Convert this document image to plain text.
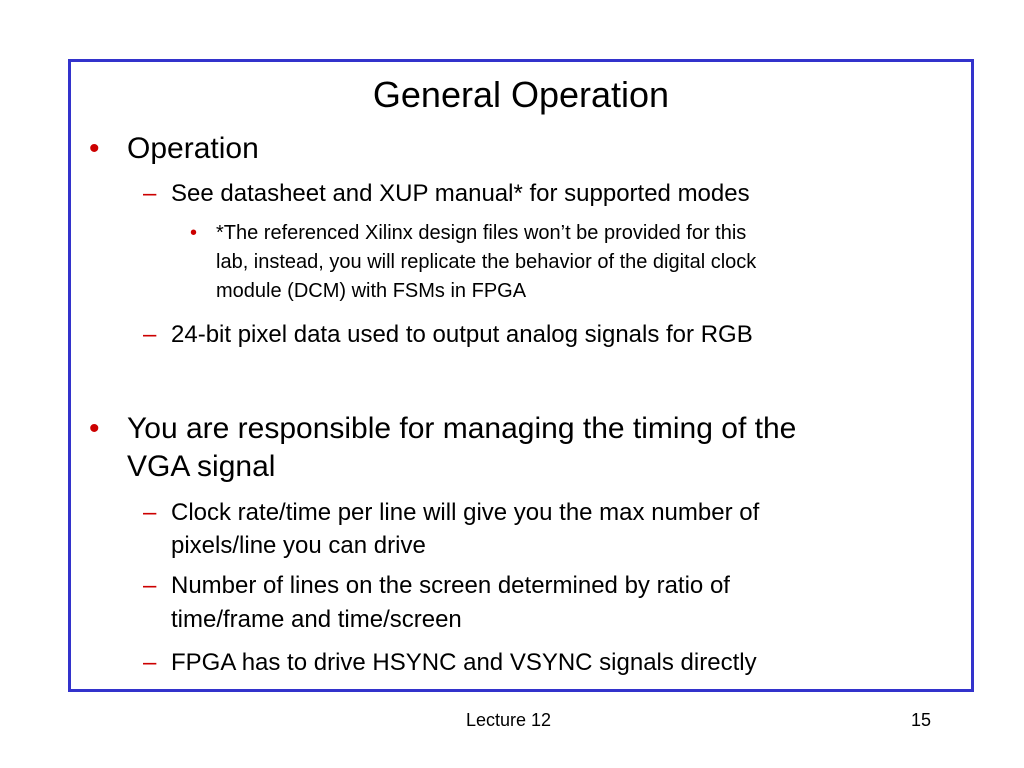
General Operation

• Operation

– See datasheet and XUP manual* for supported modes

• *The referenced Xilinx design files won’t be provided for this

lab, instead, you will replicate the behavior of the digital clock

module (DCM) with FSMs in FPGA

– 24-bit pixel data used to output analog signals for RGB

• You are responsible for managing the timing of the

VGA signal

– Clock rate/time per line will give you the max number of

pixels/line you can drive

– Number of lines on the screen determined by ratio of

time/frame and time/screen

– FPGA has to drive HSYNC and VSYNC signals directly

Lecture 12	15
